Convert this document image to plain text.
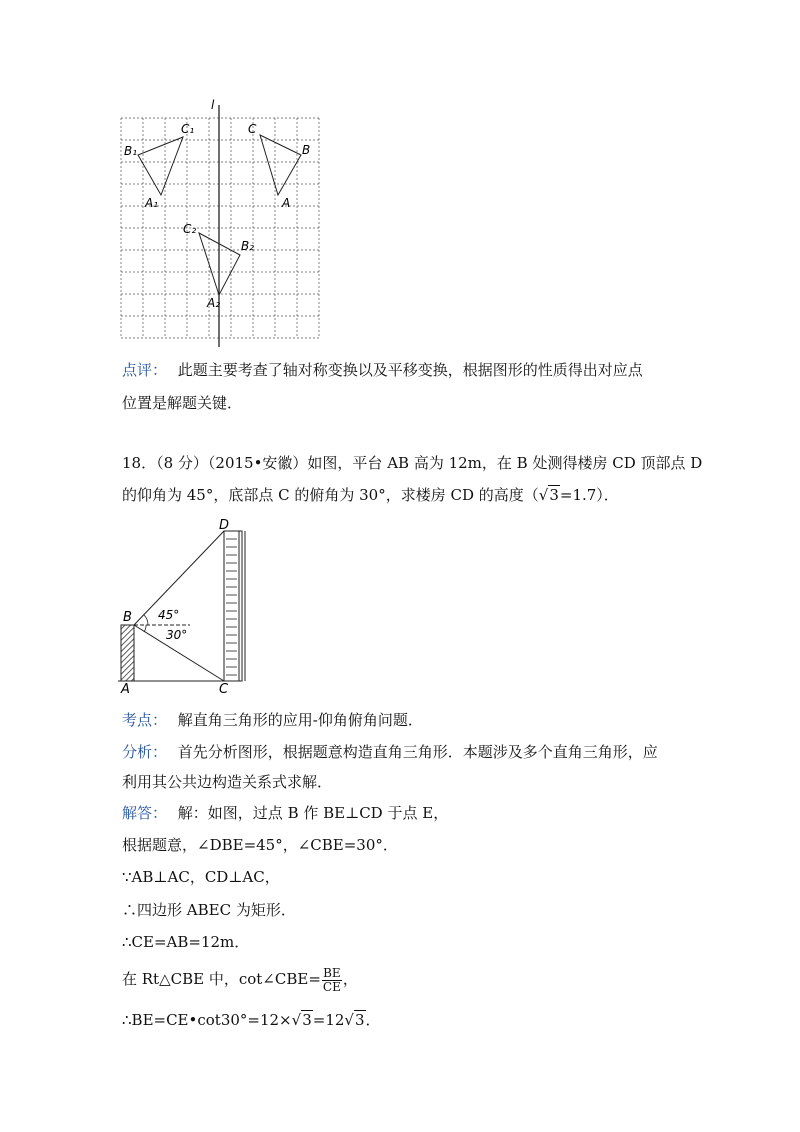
l
C₁
B₁
A₁
C
B
A
C₂
B₂
A₂
点评： 此题主要考查了轴对称变换以及平移变换，根据图形的性质得出对应点
位置是解题关键．
18．（8 分）（2015•安徽）如图，平台 AB 高为 12m，在 B 处测得楼房 CD 顶部点 D
的仰角为 45°，底部点 C 的俯角为 30°，求楼房 CD 的高度（√3=1.7）．
D
B
A	C
45°
30°
考点： 解直角三角形的应用-仰角俯角问题．
分析： 首先分析图形，根据题意构造直角三角形．本题涉及多个直角三角形，应
利用其公共边构造关系式求解．
解答： 解：如图，过点 B 作 BE⊥CD 于点 E，
根据题意，∠DBE=45°，∠CBE=30°．
∵AB⊥AC，CD⊥AC，
∴四边形 ABEC 为矩形．
∴CE=AB=12m．
在 Rt△CBE 中，cot∠CBE= $\frac{BE}{CE}$ ，
∴BE=CE•cot30°=12×√3=12√3．
